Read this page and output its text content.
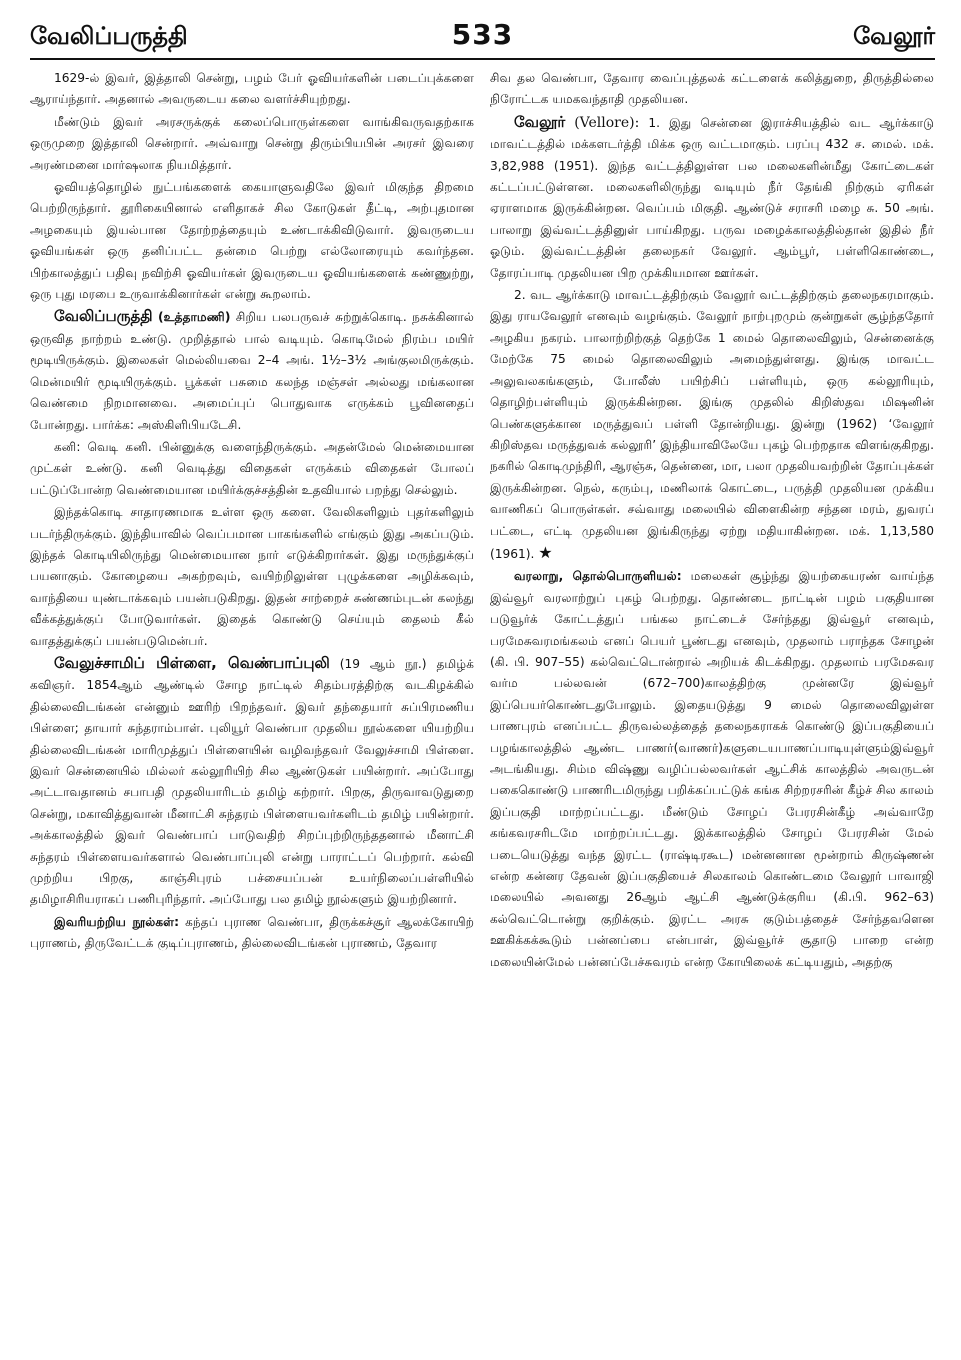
வேலிப்பருத்தி	533	வேலூர்

1629-ல் இவர், இத்தாலி சென்று, பழம் பேர் ஓவியர்களின் படைப்புக்களை ஆராய்ந்தார். அதனால் அவருடைய கலை வளர்ச்சியுற்றது.

மீண்டும் இவர் அரசருக்குக் கலைப்பொருள்களை வாங்கிவருவதற்காக ஒருமுறை இத்தாலி சென்றார். அவ்வாறு சென்று திரும்பியபின் அரசர் இவரை அரண்மனை மார்ஷலாக நியமித்தார்.

ஓவியத்தொழில் நுட்பங்களைக் கையாளுவதிலே இவர் மிகுந்த திறமை பெற்றிருந்தார். தூரிகையினால் எளிதாகச் சில கோடுகள் தீட்டி, அற்புதமான அழகையும் இயல்பான தோற்றத்தையும் உண்டாக்கிவிடுவார். இவருடைய ஓவியங்கள் ஒரு தனிப்பட்ட தன்மை பெற்று எல்லோரையும் கவர்ந்தன. பிற்காலத்துப் பதிவு நவிற்சி ஓவியர்கள் இவருடைய ஓவியங்களைக் கண்ணுற்று, ஒரு புது மரபை உருவாக்கினார்கள் என்று கூறலாம்.

வேலிப்பருத்தி (உத்தாமணி) சிறிய பலபருவச் சுற்றுக்கொடி. நசுக்கினால் ஒருவித நாற்றம் உண்டு. முறித்தால் பால் வடியும். கொடிமேல் நிரம்ப மயிர் மூடியிருக்கும். இலைகள் மெல்லியவை 2–4 அங். 1½–3½ அங்குலமிருக்கும். மென்மயிர் மூடியிருக்கும். பூக்கள் பசுமை கலந்த மஞ்சள் அல்லது மங்கலான வெண்மை நிறமானவை. அமைப்புப் பொதுவாக எருக்கம் பூவினதைப் போன்றது. பார்க்க: அஸ்கிளிபியடேசி.

கனி: வெடி கனி. பின்னுக்கு வளைந்திருக்கும். அதன்மேல் மென்மையான முட்கள் உண்டு. கனி வெடித்து விதைகள் எருக்கம் விதைகள் போலப் பட்டுப்போன்ற வெண்மையான மயிர்க்குச்சத்தின் உதவியால் பறந்து செல்லும்.

இந்தக்கொடி சாதாரணமாக உள்ள ஒரு களை. வேலிகளிலும் புதர்களிலும் படர்ந்திருக்கும். இந்தியாவில் வெப்பமான பாகங்களில் எங்கும் இது அகப்படும். இந்தக் கொடியிலிருந்து மென்மையான நார் எடுக்கிறார்கள். இது மருந்துக்குப் பயனாகும். கோழையை அகற்றவும், வயிற்றிலுள்ள புழுக்களை அழிக்கவும், வாந்தியை யுண்டாக்கவும் பயன்படுகிறது. இதன் சாற்றைச் சுண்ணம்புடன் கலந்து வீக்கத்துக்குப் போடுவார்கள். இதைக் கொண்டு செய்யும் தைலம் கீல் வாதத்துக்குப் பயன்படுமென்பர்.

வேலுச்சாமிப் பிள்ளை, வெண்பாப்புலி (19 ஆம் நூ.) தமிழ்க் கவிஞர். 1854ஆம் ஆண்டில் சோழ நாட்டில் சிதம்பரத்திற்கு வடகிழக்கில் தில்லைவிடங்கன் என்னும் ஊரிற் பிறந்தவர். இவர் தந்தையார் சுப்பிரமணிய பிள்ளை; தாயார் சுந்தராம்பாள். புலியூர் வெண்பா முதலிய நூல்களை யியற்றிய தில்லைவிடங்கன் மாரிமுத்துப் பிள்ளையின் வழிவந்தவர் வேலுச்சாமி பிள்ளை. இவர் சென்னையில் மில்லர் கல்லூரியிற் சில ஆண்டுகள் பயின்றார். அப்போது அட்டாவதானம் சபாபதி முதலியாரிடம் தமிழ் கற்றார். பிறகு, திருவாவடுதுறை சென்று, மகாவித்துவான் மீனாட்சி சுந்தரம் பிள்ளையவர்களிடம் தமிழ் பயின்றார். அக்காலத்தில் இவர் வெண்பாப் பாடுவதிற் சிறப்புற்றிருந்ததனால் மீனாட்சி சுந்தரம் பிள்ளையவர்களால் வெண்பாப்புலி என்று பாராட்டப் பெற்றார். கல்வி முற்றிய பிறகு, காஞ்சிபுரம் பச்சையப்பன் உயர்நிலைப்பள்ளியில் தமிழாசிரியராகப் பணிபுரிந்தார். அப்போது பல தமிழ் நூல்களும் இயற்றினார்.

இவரியற்றிய நூல்கள்: கந்தப் புராண வெண்பா, திருக்கச்சூர் ஆலக்கோயிற் புராணம், திருவேட்டக் குடிப்புராணம், தில்லைவிடங்கன் புராணம், தேவார

சிவ தல வெண்பா, தேவார வைப்புத்தலக் கட்டளைக் கலித்துறை, திருத்தில்லை நிரோட்டக யமகவந்தாதி முதலியன.

வேலூர் (Vellore): 1. இது சென்னை இராச்சியத்தில் வட ஆர்க்காடு மாவட்டத்தில் மக்களடர்த்தி மிக்க ஒரு வட்டமாகும். பரப்பு 432 ச. மைல். மக். 3,82,988 (1951). இந்த வட்டத்திலுள்ள பல மலைகளின்மீது கோட்டைகள் கட்டப்பட்டுள்ளன. மலைகளிலிருந்து வடியும் நீர் தேங்கி நிற்கும் ஏரிகள் ஏராளமாக இருக்கின்றன. வெப்பம் மிகுதி. ஆண்டுச் சராசரி மழை சு. 50 அங். பாலாறு இவ்வட்டத்தினுள் பாய்கிறது. பருவ மழைக்காலத்தில்தான் இதில் நீர் ஓடும். இவ்வட்டத்தின் தலைநகர் வேலூர். ஆம்பூர், பள்ளிகொண்டை, தோரப்பாடி முதலியன பிற முக்கியமான ஊர்கள்.

2. வட ஆர்க்காடு மாவட்டத்திற்கும் வேலூர் வட்டத்திற்கும் தலைநகரமாகும். இது ராயவேலூர் எனவும் வழங்கும். வேலூர் நாற்புறமும் குன்றுகள் சூழ்ந்ததோர் அழகிய நகரம். பாலாற்றிற்குத் தெற்கே 1 மைல் தொலைவிலும், சென்னைக்கு மேற்கே 75 மைல் தொலைவிலும் அமைந்துள்ளது. இங்கு மாவட்ட அலுவலகங்களும், போலீஸ் பயிற்சிப் பள்ளியும், ஒரு கல்லூரியும், தொழிற்பள்ளியும் இருக்கின்றன. இங்கு முதலில் கிறிஸ்தவ மிஷனின் பெண்களுக்கான மருத்துவப் பள்ளி தோன்றியது. இன்று (1962) ‘வேலூர் கிறிஸ்தவ மருத்துவக் கல்லூரி’ இந்தியாவிலேயே புகழ் பெற்றதாக விளங்குகிறது. நகரில் கொடிமுந்திரி, ஆரஞ்சு, தென்னை, மா, பலா முதலியவற்றின் தோப்புக்கள் இருக்கின்றன. நெல், கரும்பு, மணிலாக் கொட்டை, பருத்தி முதலியன முக்கிய வாணிகப் பொருள்கள். சவ்வாது மலையில் விளைகின்ற சந்தன மரம், துவரப் பட்டை, எட்டி முதலியன இங்கிருந்து ஏற்று மதியாகின்றன. மக். 1,13,580 (1961). ★

வரலாறு, தொல்பொருளியல்: மலைகள் சூழ்ந்து இயற்கையரண் வாய்ந்த இவ்வூர் வரலாற்றுப் புகழ் பெற்றது. தொண்டை நாட்டின் பழம் பகுதியான படுவூர்க் கோட்டத்துப் பங்கல நாட்டைச் சேர்ந்தது இவ்வூர் எனவும், பரமேசுவரமங்கலம் எனப் பெயர் பூண்டது எனவும், முதலாம் பராந்தக சோழன் (கி. பி. 907–55) கல்வெட்டொன்றால் அறியக் கிடக்கிறது. முதலாம் பரமேசுவர வர்ம பல்லவன் (672–700)காலத்திற்கு முன்னரே இவ்வூர் இப்பெயர்கொண்டதுபோலும். இதையடுத்து 9 மைல் தொலைவிலுள்ள பாணபுரம் எனப்பட்ட திருவல்லத்தைத் தலைநகராகக் கொண்டு இப்பகுதியைப் பழங்காலத்தில் ஆண்ட பாணர்(வாணர்)களுடையபாணப்பாடியுள்ளும்இவ்வூர் அடங்கியது. சிம்ம விஷ்ணு வழிப்பல்லவர்கள் ஆட்சிக் காலத்தில் அவருடன் பகைகொண்டு பாணரிடமிருந்து பறிக்கப்பட்டுக் கங்க சிற்றரசரின் கீழ்ச் சில காலம் இப்பகுதி மாற்றப்பட்டது. மீண்டும் சோழப் பேரரசின்கீழ் அவ்வாறே கங்கவரசரிடமே மாற்றப்பட்டது. இக்காலத்தில் சோழப் பேரரசின் மேல் படையெடுத்து வந்த இரட்ட (ராஷ்டிரகூட) மன்னனான மூன்றாம் கிருஷ்ணன் என்ற கன்னர தேவன் இப்பகுதியைச் சிலகாலம் கொண்டமை வேலூர் பாவாஜி மலையில் அவனது 26ஆம் ஆட்சி ஆண்டுக்குரிய (கி.பி. 962–63) கல்வெட்டொன்று குறிக்கும். இரட்ட அரசு குடும்பத்தைச் சேர்ந்தவளென ஊகிக்கக்கூடும் பன்னப்பை என்பாள், இவ்வூர்ச் சூதாடு பாறை என்ற மலையின்மேல் பன்னப்பேச்சுவரம் என்ற கோயிலைக் கட்டியதும், அதற்கு
